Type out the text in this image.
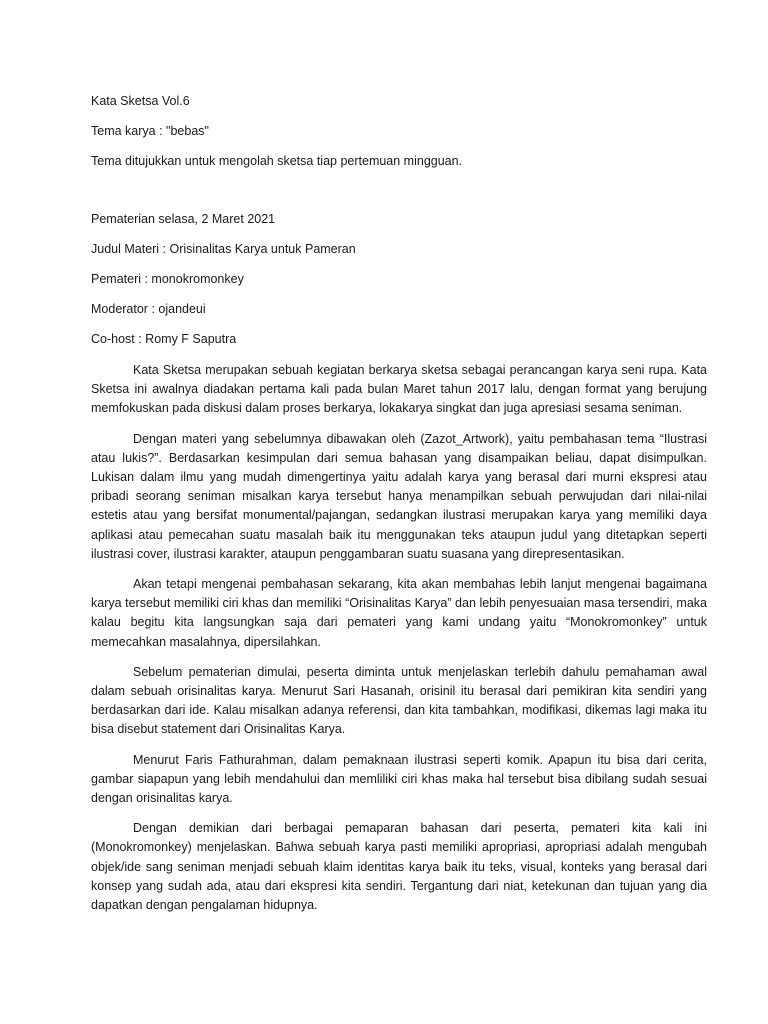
Kata Sketsa Vol.6

Tema karya : "bebas"

Tema ditujukkan untuk mengolah sketsa tiap pertemuan mingguan.

Pematerian selasa, 2 Maret 2021

Judul Materi : Orisinalitas Karya untuk Pameran

Pemateri : monokromonkey

Moderator : ojandeui

Co-host : Romy F Saputra

Kata Sketsa merupakan sebuah kegiatan berkarya sketsa sebagai perancangan karya seni rupa. Kata Sketsa ini awalnya diadakan pertama kali pada bulan Maret tahun 2017 lalu, dengan format yang berujung memfokuskan pada diskusi dalam proses berkarya, lokakarya singkat dan juga apresiasi sesama seniman.

Dengan materi yang sebelumnya dibawakan oleh (Zazot_Artwork), yaitu pembahasan tema “Ilustrasi atau lukis?”. Berdasarkan kesimpulan dari semua bahasan yang disampaikan beliau, dapat disimpulkan. Lukisan dalam ilmu yang mudah dimengertinya yaitu adalah karya yang berasal dari murni ekspresi atau pribadi seorang seniman misalkan karya tersebut hanya menampilkan sebuah perwujudan dari nilai-nilai estetis atau yang bersifat monumental/pajangan, sedangkan ilustrasi merupakan karya yang memiliki daya aplikasi atau pemecahan suatu masalah baik itu menggunakan teks ataupun judul yang ditetapkan seperti ilustrasi cover, ilustrasi karakter, ataupun penggambaran suatu suasana yang direpresentasikan.

Akan tetapi mengenai pembahasan sekarang, kita akan membahas lebih lanjut mengenai bagaimana karya tersebut memiliki ciri khas dan memiliki “Orisinalitas Karya” dan lebih penyesuaian masa tersendiri, maka kalau begitu kita langsungkan saja dari pemateri yang kami undang yaitu “Monokromonkey” untuk memecahkan masalahnya, dipersilahkan.

Sebelum pematerian dimulai, peserta diminta untuk menjelaskan terlebih dahulu pemahaman awal dalam sebuah orisinalitas karya. Menurut Sari Hasanah, orisinil itu berasal dari pemikiran kita sendiri yang berdasarkan dari ide. Kalau misalkan adanya referensi, dan kita tambahkan, modifikasi, dikemas lagi maka itu bisa disebut statement dari Orisinalitas Karya.

Menurut Faris Fathurahman, dalam pemaknaan ilustrasi seperti komik. Apapun itu bisa dari cerita, gambar siapapun yang lebih mendahului dan memliliki ciri khas maka hal tersebut bisa dibilang sudah sesuai dengan orisinalitas karya.

Dengan demikian dari berbagai pemaparan bahasan dari peserta, pemateri kita kali ini (Monokromonkey) menjelaskan. Bahwa sebuah karya pasti memiliki apropriasi, apropriasi adalah mengubah objek/ide sang seniman menjadi sebuah klaim identitas karya baik itu teks, visual, konteks yang berasal dari konsep yang sudah ada, atau dari ekspresi kita sendiri. Tergantung dari niat, ketekunan dan tujuan yang dia dapatkan dengan pengalaman hidupnya.
